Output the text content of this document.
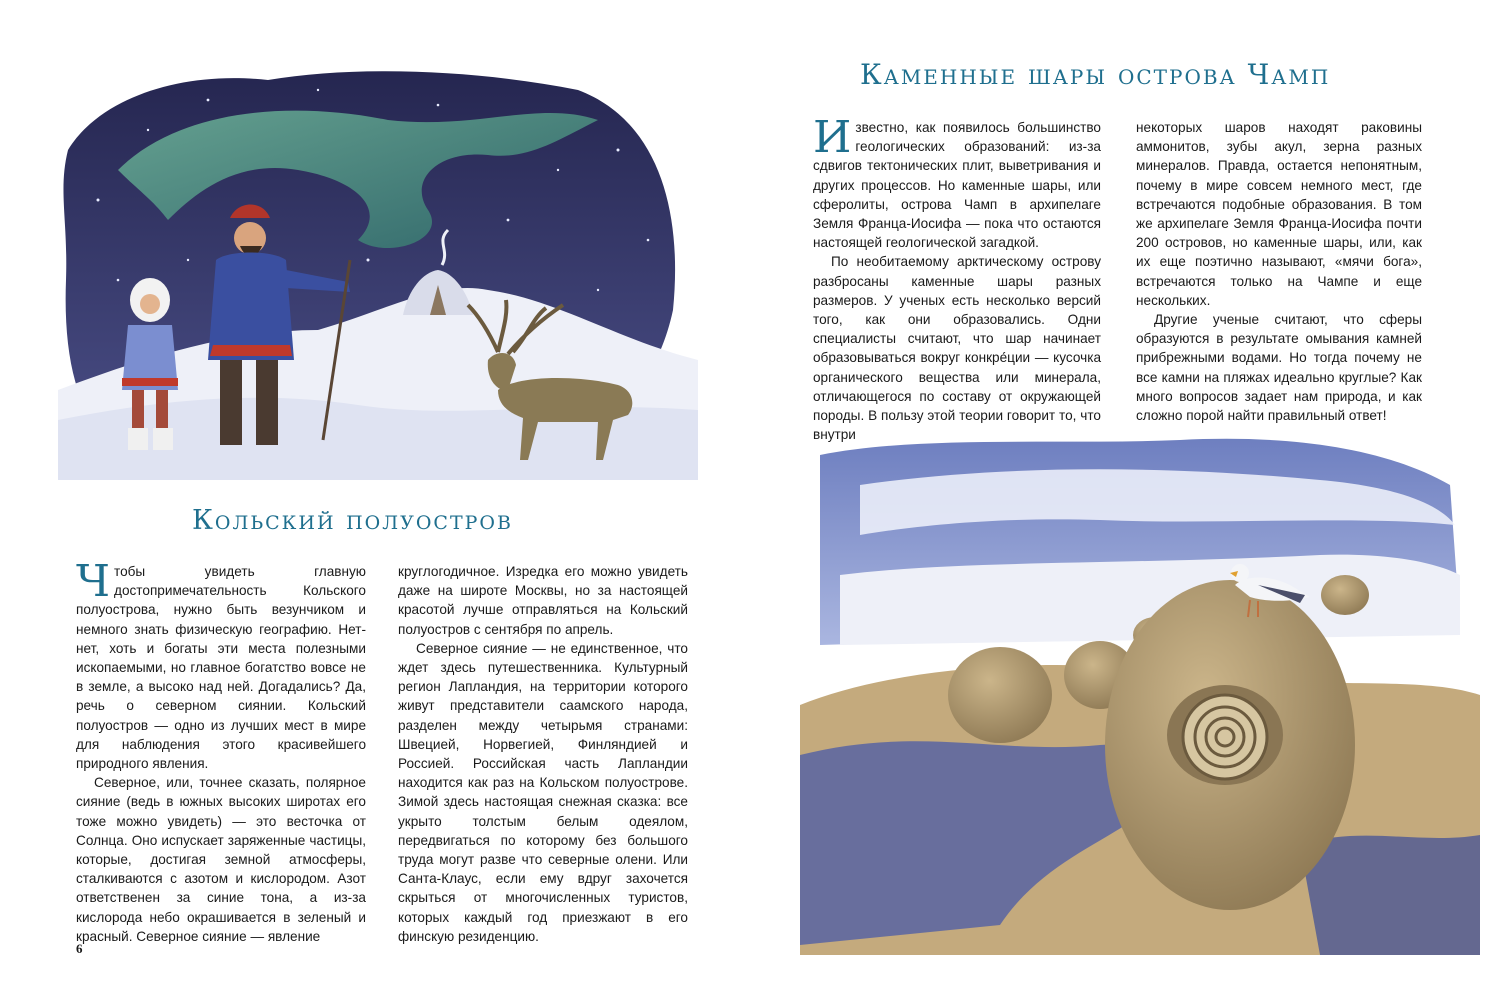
Кольский полуостров

Чтобы увидеть главную достопримечательность Кольского полуострова, нужно быть везунчиком и немного знать физическую географию. Нет-нет, хоть и богаты эти места полезными ископаемыми, но главное богатство вовсе не в земле, а высоко над ней. Догадались? Да, речь о северном сиянии. Кольский полуостров — одно из лучших мест в мире для наблюдения этого красивейшего природного явления.

Северное, или, точнее сказать, полярное сияние (ведь в южных высоких широтах его тоже можно увидеть) — это весточка от Солнца. Оно испускает заряженные частицы, которые, достигая земной атмосферы, сталкиваются с азотом и кислородом. Азот ответственен за синие тона, а из-за кислорода небо окрашивается в зеленый и красный. Северное сияние — явление

круглогодичное. Изредка его можно увидеть даже на широте Москвы, но за настоящей красотой лучше отправляться на Кольский полуостров с сентября по апрель.

Северное сияние — не единственное, что ждет здесь путешественника. Культурный регион Лапландия, на территории которого живут представители саамского народа, разделен между четырьмя странами: Швецией, Норвегией, Финляндией и Россией. Российская часть Лапландии находится как раз на Кольском полуострове. Зимой здесь настоящая снежная сказка: все укрыто толстым белым одеялом, передвигаться по которому без большого труда могут разве что северные олени. Или Санта-Клаус, если ему вдруг захочется скрыться от многочисленных туристов, которых каждый год приезжают в его финскую резиденцию.

6
Каменные шары острова Чамп

Известно, как появилось большинство геологических образований: из-за сдвигов тектонических плит, выветривания и других процессов. Но каменные шары, или сферолиты, острова Чамп в архипелаге Земля Франца-Иосифа — пока что остаются настоящей геологической загадкой.

По необитаемому арктическому острову разбросаны каменные шары разных размеров. У ученых есть несколько версий того, как они образовались. Одни специалисты считают, что шар начинает образовываться вокруг конкре́ции — кусочка органического вещества или минерала, отличающегося по составу от окружающей породы. В пользу этой теории говорит то, что внутри

некоторых шаров находят раковины аммонитов, зубы акул, зерна разных минералов. Правда, остается непонятным, почему в мире совсем немного мест, где встречаются подобные образования. В том же архипелаге Земля Франца-Иосифа почти 200 островов, но каменные шары, или, как их еще поэтично называют, «мячи бога», встречаются только на Чампе и еще нескольких.

Другие ученые считают, что сферы образуются в результате омывания камней прибрежными водами. Но тогда почему не все камни на пляжах идеально круглые? Как много вопросов задает нам природа, и как сложно порой найти правильный ответ!
